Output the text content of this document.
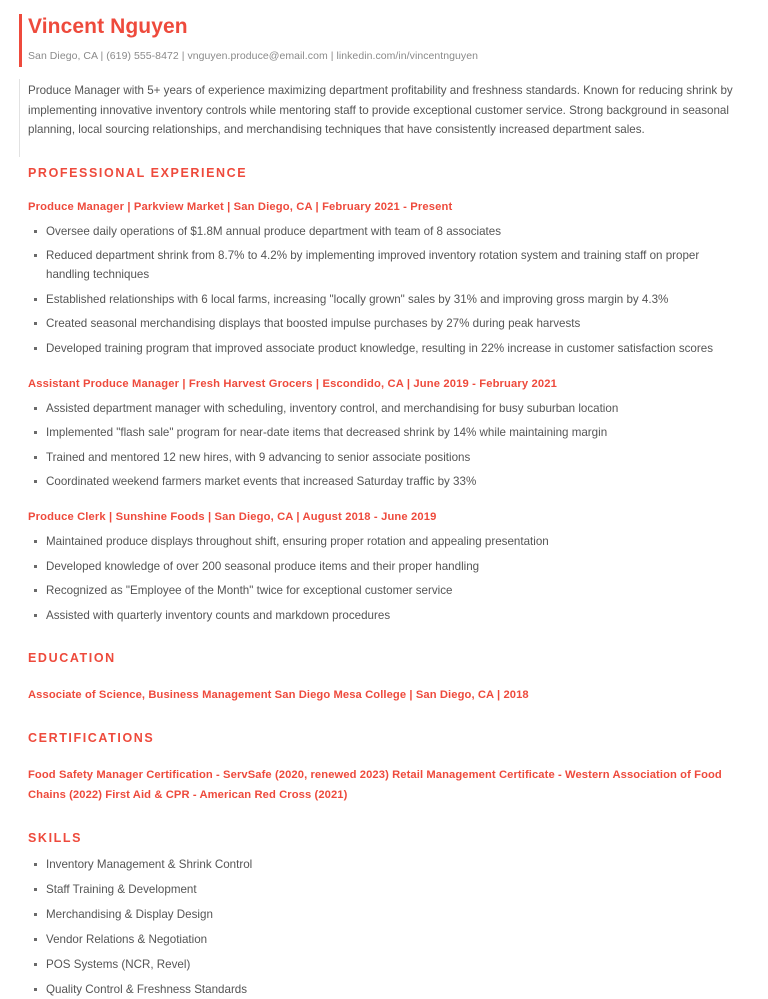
Vincent Nguyen
San Diego, CA | (619) 555-8472 | vnguyen.produce@email.com | linkedin.com/in/vincentnguyen

Produce Manager with 5+ years of experience maximizing department profitability and freshness standards. Known for reducing shrink by implementing innovative inventory controls while mentoring staff to provide exceptional customer service. Strong background in seasonal planning, local sourcing relationships, and merchandising techniques that have consistently increased department sales.

PROFESSIONAL EXPERIENCE
Produce Manager | Parkview Market | San Diego, CA | February 2021 - Present
Oversee daily operations of $1.8M annual produce department with team of 8 associates
Reduced department shrink from 8.7% to 4.2% by implementing improved inventory rotation system and training staff on proper handling techniques
Established relationships with 6 local farms, increasing "locally grown" sales by 31% and improving gross margin by 4.3%
Created seasonal merchandising displays that boosted impulse purchases by 27% during peak harvests
Developed training program that improved associate product knowledge, resulting in 22% increase in customer satisfaction scores
Assistant Produce Manager | Fresh Harvest Grocers | Escondido, CA | June 2019 - February 2021
Assisted department manager with scheduling, inventory control, and merchandising for busy suburban location
Implemented "flash sale" program for near-date items that decreased shrink by 14% while maintaining margin
Trained and mentored 12 new hires, with 9 advancing to senior associate positions
Coordinated weekend farmers market events that increased Saturday traffic by 33%
Produce Clerk | Sunshine Foods | San Diego, CA | August 2018 - June 2019
Maintained produce displays throughout shift, ensuring proper rotation and appealing presentation
Developed knowledge of over 200 seasonal produce items and their proper handling
Recognized as "Employee of the Month" twice for exceptional customer service
Assisted with quarterly inventory counts and markdown procedures
EDUCATION
Associate of Science, Business Management San Diego Mesa College | San Diego, CA | 2018
CERTIFICATIONS
Food Safety Manager Certification - ServSafe (2020, renewed 2023) Retail Management Certificate - Western Association of Food Chains (2022) First Aid & CPR - American Red Cross (2021)
SKILLS
Inventory Management & Shrink Control
Staff Training & Development
Merchandising & Display Design
Vendor Relations & Negotiation
POS Systems (NCR, Revel)
Quality Control & Freshness Standards
